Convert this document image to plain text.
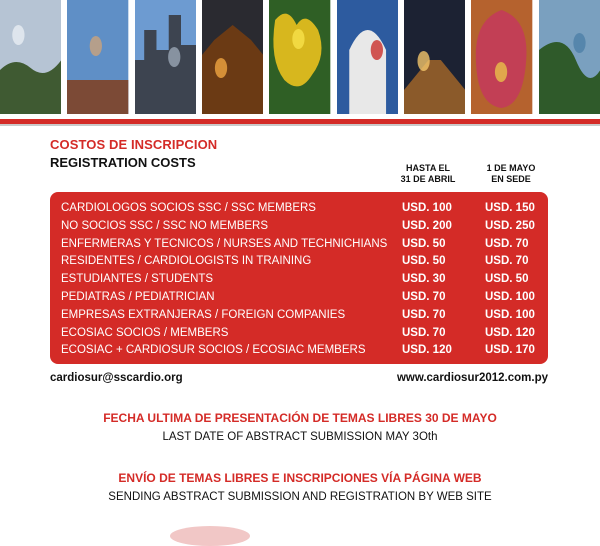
COSTOS DE INSCRIPCION
REGISTRATION COSTS	HASTA EL
31 DE ABRIL
1 DE MAYO
EN SEDE
CARDIOLOGOS SOCIOS SSC / SSC MEMBERS	USD. 100	USD. 150
NO SOCIOS SSC / SSC NO MEMBERS	USD. 200	USD. 250
ENFERMERAS Y TECNICOS / NURSES AND TECHNICHIANS USD. 50	USD. 70
RESIDENTES / CARDIOLOGISTS IN TRAINING	USD. 50	USD. 70
ESTUDIANTES / STUDENTS	USD. 30	USD. 50
PEDIATRAS / PEDIATRICIAN	USD. 70	USD. 100
EMPRESAS EXTRANJERAS / FOREIGN COMPANIES	USD. 70	USD. 100
ECOSIAC SOCIOS / MEMBERS	USD. 70	USD. 120
ECOSIAC + CARDIOSUR SOCIOS / ECOSIAC MEMBERS	USD. 120	USD. 170
cardiosur@sscardio.org	www.cardiosur2012.com.py
FECHA ULTIMA DE PRESENTACIÓN DE TEMAS LIBRES 30 DE MAYO
LAST DATE OF ABSTRACT SUBMISSION MAY 3Oth
ENVÍO DE TEMAS LIBRES E INSCRIPCIONES VÍA PÁGINA WEB
SENDING ABSTRACT SUBMISSION AND REGISTRATION BY WEB SITE
